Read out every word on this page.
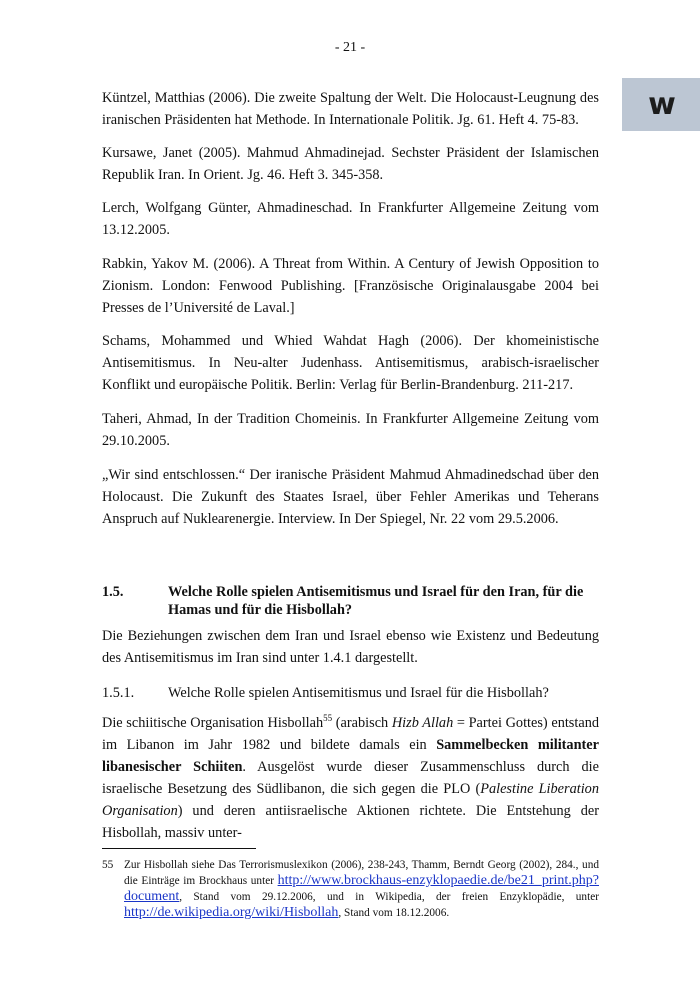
- 21 -
w
Küntzel, Matthias (2006). Die zweite Spaltung der Welt. Die Holocaust-Leugnung des iranischen Präsidenten hat Methode. In Internationale Politik. Jg. 61. Heft 4. 75-83.
Kursawe, Janet (2005). Mahmud Ahmadinejad. Sechster Präsident der Islamischen Republik Iran. In Orient. Jg. 46. Heft 3. 345-358.
Lerch, Wolfgang Günter, Ahmadineschad. In Frankfurter Allgemeine Zeitung vom 13.12.2005.
Rabkin, Yakov M. (2006). A Threat from Within. A Century of Jewish Opposition to Zionism. London: Fenwood Publishing. [Französische Originalausgabe 2004 bei Presses de l’Université de Laval.]
Schams, Mohammed und Whied Wahdat Hagh (2006). Der khomeinistische Antisemitismus. In Neu-alter Judenhass. Antisemitismus, arabisch-israelischer Konflikt und europäische Politik. Berlin: Verlag für Berlin-Brandenburg. 211-217.
Taheri, Ahmad, In der Tradition Chomeinis. In Frankfurter Allgemeine Zeitung vom 29.10.2005.
„Wir sind entschlossen.“ Der iranische Präsident Mahmud Ahmadinedschad über den Holocaust. Die Zukunft des Staates Israel, über Fehler Amerikas und Teherans Anspruch auf Nuklearenergie. Interview. In Der Spiegel, Nr. 22 vom 29.5.2006.
1.5.	Welche Rolle spielen Antisemitismus und Israel für den Iran, für die Hamas und für die Hisbollah?
Die Beziehungen zwischen dem Iran und Israel ebenso wie Existenz und Bedeutung des Antisemitismus im Iran sind unter 1.4.1 dargestellt.
1.5.1.	Welche Rolle spielen Antisemitismus und Israel für die Hisbollah?
Die schiitische Organisation Hisbollah$^{55}$ (arabisch Hizb Allah = Partei Gottes) entstand im Libanon im Jahr 1982 und bildete damals ein Sammelbecken militanter libanesischer Schiiten. Ausgelöst wurde dieser Zusammenschluss durch die israelische Besetzung des Südlibanon, die sich gegen die PLO (Palestine Liberation Organisation) und deren antiisraelische Aktionen richtete. Die Entstehung der Hisbollah, massiv unter-
55 Zur Hisbollah siehe Das Terrorismuslexikon (2006), 238-243, Thamm, Berndt Georg (2002), 284., und die Einträge im Brockhaus unter http://www.brockhaus-enzyklopaedie.de/be21_print.php?document, Stand vom 29.12.2006, und in Wikipedia, der freien Enzyklopädie, unter http://de.wikipedia.org/wiki/Hisbollah, Stand vom 18.12.2006.
